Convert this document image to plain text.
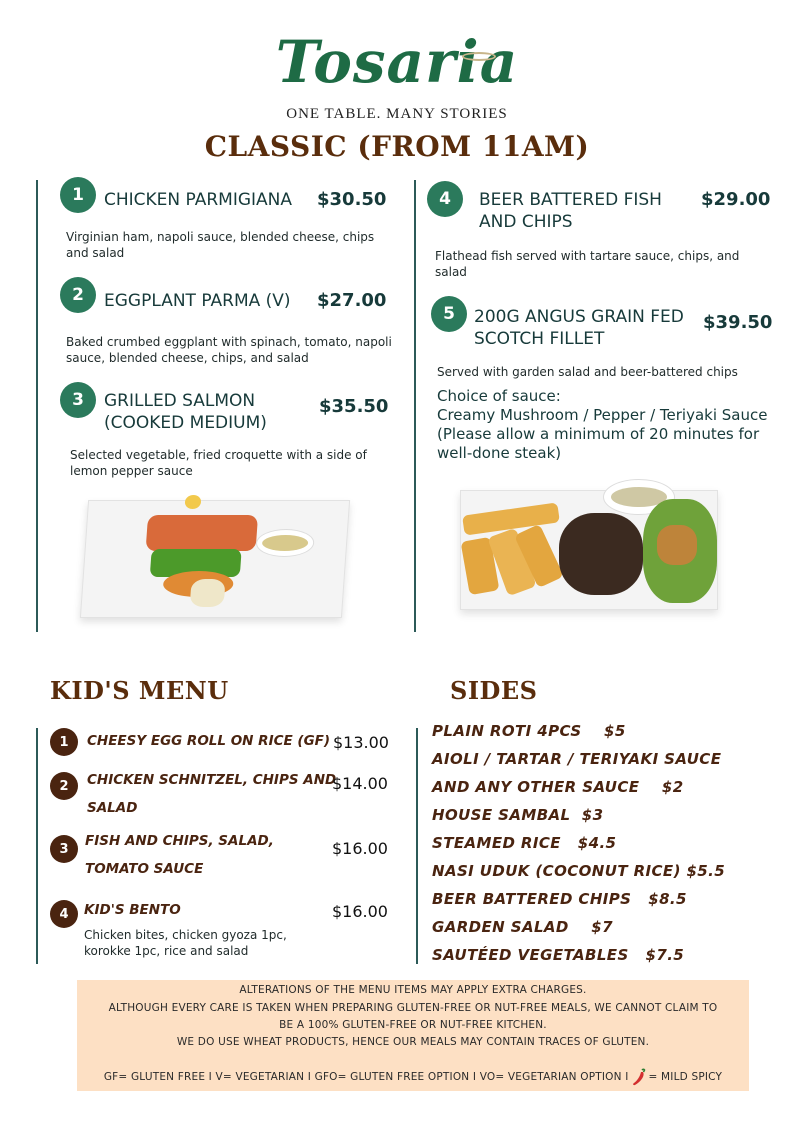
Tosaria
ONE TABLE. MANY STORIES
CLASSIC (FROM 11AM)
1	CHICKEN PARMIGIANA $30.50
Virginian ham, napoli sauce, blended cheese, chips and salad
2	EGGPLANT PARMA (V) $27.00
Baked crumbed eggplant with spinach, tomato, napoli sauce, blended cheese, chips, and salad
3	GRILLED SALMON
(COOKED MEDIUM)
$35.50
Selected vegetable, fried croquette with a side of lemon pepper sauce
4	BEER BATTERED FISH
AND CHIPS
$29.00
Flathead fish served with tartare sauce, chips, and salad
5	200G ANGUS GRAIN FED
SCOTCH FILLET
$39.50
Served with garden salad and beer-battered chips
Choice of sauce:
Creamy Mushroom / Pepper / Teriyaki Sauce
(Please allow a minimum of 20 minutes for
well-done steak)
KID'S MENU
1	CHEESY EGG ROLL ON RICE (GF) $13.00
2	CHICKEN SCHNITZEL, CHIPS AND
SALAD
$14.00
3	FISH AND CHIPS, SALAD,
TOMATO SAUCE
$16.00
4	KID'S BENTO	$16.00
Chicken bites, chicken gyoza 1pc,
korokke 1pc, rice and salad
SIDES
PLAIN ROTI 4PCS    $5
AIOLI / TARTAR / TERIYAKI SAUCE
AND ANY OTHER SAUCE    $2
HOUSE SAMBAL  $3
STEAMED RICE   $4.5
NASI UDUK (COCONUT RICE) $5.5
BEER BATTERED CHIPS   $8.5
GARDEN SALAD    $7
SAUTÉED VEGETABLES   $7.5
ALTERATIONS OF THE MENU ITEMS MAY APPLY EXTRA CHARGES.
ALTHOUGH EVERY CARE IS TAKEN WHEN PREPARING GLUTEN-FREE OR NUT-FREE MEALS, WE CANNOT CLAIM TO
BE A 100% GLUTEN-FREE OR NUT-FREE KITCHEN.
WE DO USE WHEAT PRODUCTS, HENCE OUR MEALS MAY CONTAIN TRACES OF GLUTEN.
GF= GLUTEN FREE I V= VEGETARIAN I GFO= GLUTEN FREE OPTION I VO= VEGETARIAN OPTION I = MILD SPICY
